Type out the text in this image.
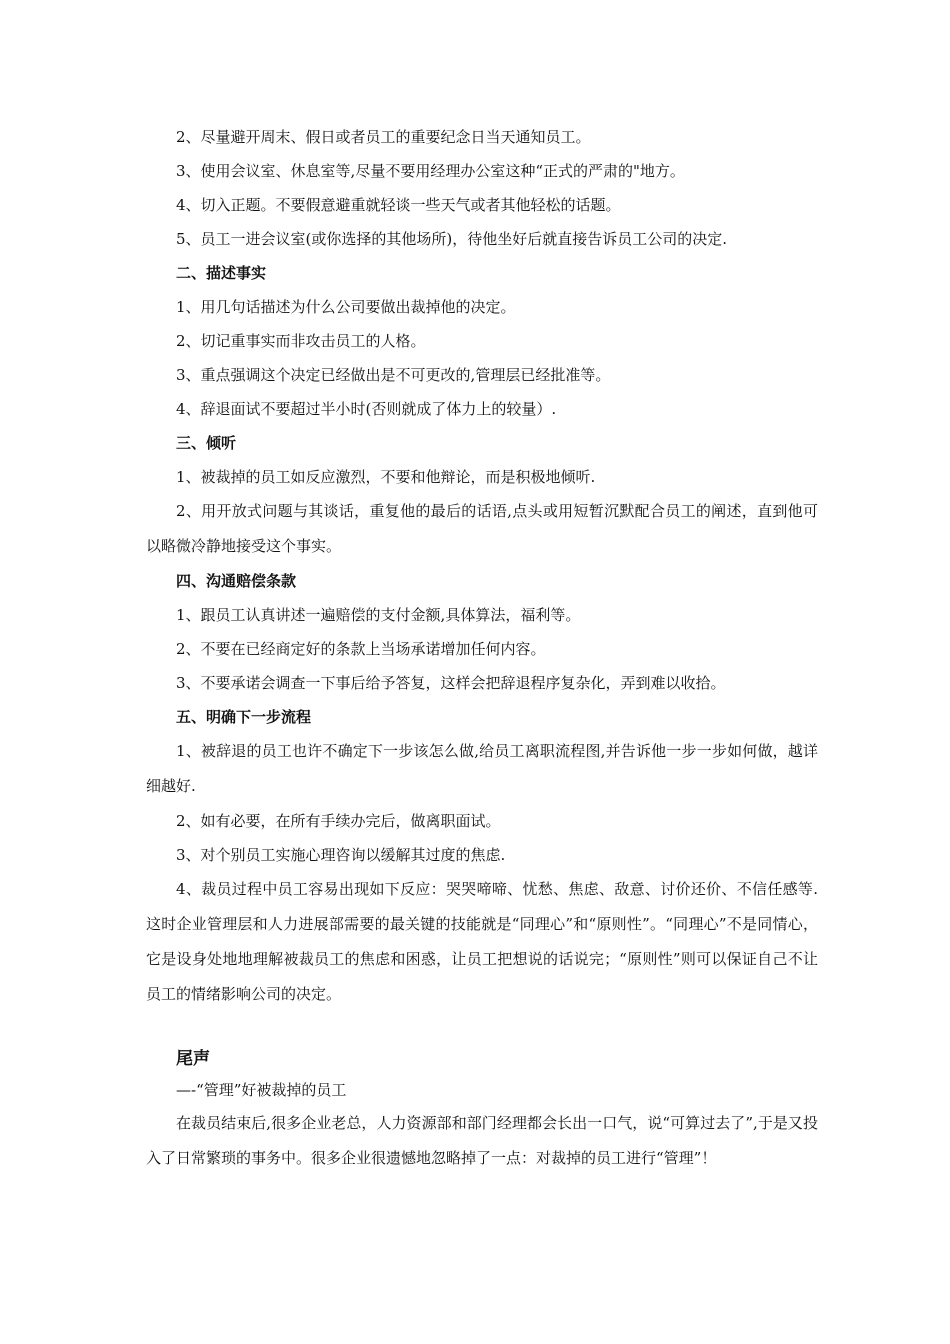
2、尽量避开周末、假日或者员工的重要纪念日当天通知员工。

3、使用会议室、休息室等,尽量不要用经理办公室这种“正式的严肃的"地方。

4、切入正题。不要假意避重就轻谈一些天气或者其他轻松的话题。

5、员工一进会议室(或你选择的其他场所)，待他坐好后就直接告诉员工公司的决定.

二、描述事实

1、用几句话描述为什么公司要做出裁掉他的决定。

2、切记重事实而非攻击员工的人格。

3、重点强调这个决定已经做出是不可更改的,管理层已经批准等。

4、辞退面试不要超过半小时(否则就成了体力上的较量）.

三、倾听

1、被裁掉的员工如反应激烈，不要和他辩论，而是积极地倾听.

2、用开放式问题与其谈话，重复他的最后的话语,点头或用短暂沉默配合员工的阐述，直到他可以略微冷静地接受这个事实。

四、沟通赔偿条款

1、跟员工认真讲述一遍赔偿的支付金额,具体算法，福利等。

2、不要在已经商定好的条款上当场承诺增加任何内容。

3、不要承诺会调查一下事后给予答复，这样会把辞退程序复杂化，弄到难以收拾。

五、明确下一步流程

1、被辞退的员工也许不确定下一步该怎么做,给员工离职流程图,并告诉他一步一步如何做，越详细越好.

2、如有必要，在所有手续办完后，做离职面试。

3、对个别员工实施心理咨询以缓解其过度的焦虑.

4、裁员过程中员工容易出现如下反应：哭哭啼啼、忧愁、焦虑、敌意、讨价还价、不信任感等.这时企业管理层和人力进展部需要的最关键的技能就是“同理心”和“原则性”。“同理心”不是同情心，它是设身处地地理解被裁员工的焦虑和困惑，让员工把想说的话说完；“原则性”则可以保证自己不让员工的情绪影响公司的决定。

尾声

—-“管理”好被裁掉的员工

在裁员结束后,很多企业老总，人力资源部和部门经理都会长出一口气，说“可算过去了”,于是又投入了日常繁琐的事务中。很多企业很遗憾地忽略掉了一点：对裁掉的员工进行“管理”！
